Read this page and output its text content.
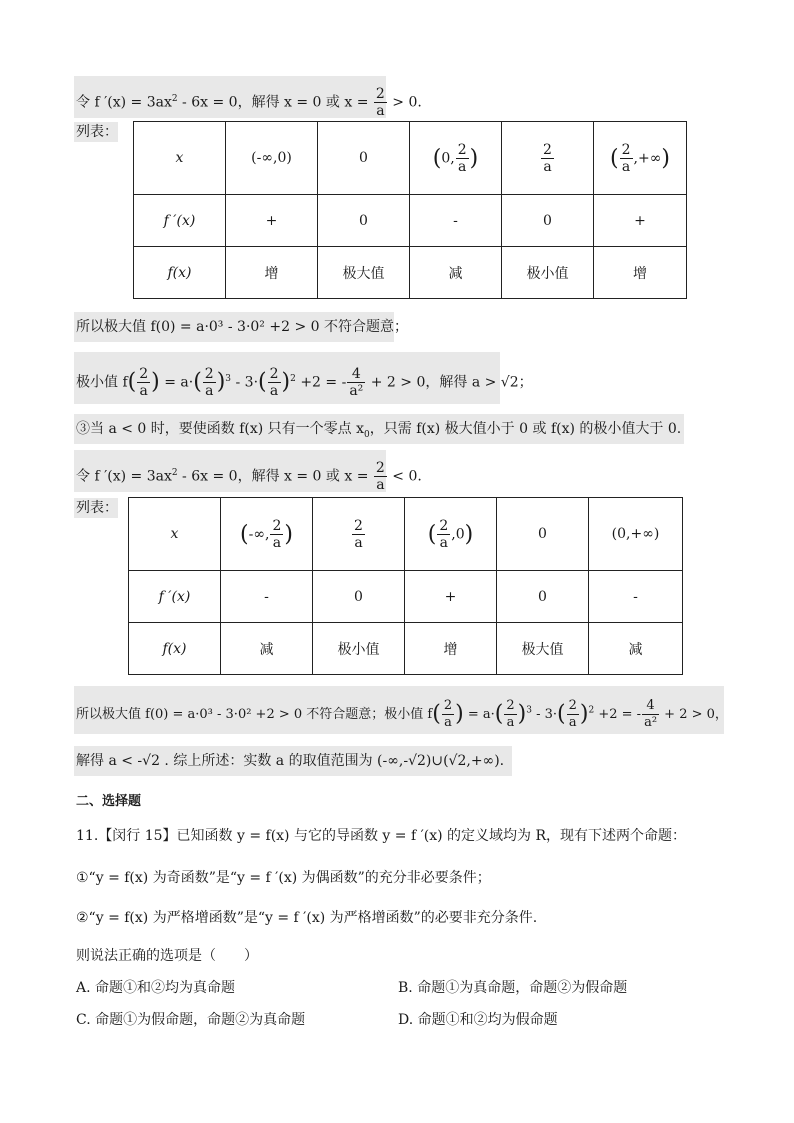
令 f $'(x) = 3ax^2 - 6x = 0$，解得 x = 0 或 $x = \frac{2}{a} > 0$.
列表：
x	(-∞,0)	0	(0, $\frac{2}{a}$ )	$\frac{2}{a}$	( $\frac{2}{a}$ ,+∞)
f ′(x)	+	0	-	0	+
f(x)	增	极大值	减	极小值	增
所以极大值 f(0) = a·0³ - 3·0² +2 > 0 不符合题意；
极小值 $f( \frac{2}{a}$ ) = $a\cdot( \frac{2}{a} )^3 - 3\cdot( \frac{2}{a} )^2 +2$ = - $\frac{4}{\text{a²}} + 2 > 0$，解得 a > √2；
③当 a < 0 时，要使函数 f(x) 只有一个零点 $x_0$，只需 f(x) 极大值小于 0 或 f(x) 的极小值大于 0.
令 f $'(x) = 3ax^2 - 6x = 0$，解得 x = 0 或 $x = \frac{2}{a} < 0$.
列表：
x	(-∞, $\frac{2}{a}$ )	$\frac{2}{a}$	( $\frac{2}{a} ,0$)	0	(0,+∞)
f ′(x)	-	0	+	0	-
f(x)	减	极小值	增	极大值	减
所以极大值 f(0) = a·0³ - 3·0² +2 > 0 不符合题意；极小值 $f( \frac{2}{a}$ ) = $a\cdot( \frac{2}{a} )^3 - 3\cdot( \frac{2}{a} )^2 +2$ = - $\frac{4}{\text{a²}} + 2 > 0$，
解得 a < -√2 . 综上所述：实数 a 的取值范围为 (-∞,-√2)∪(√2,+∞).
二、选择题
11.【闵行 15】已知函数 y = f(x) 与它的导函数 y = f ′(x) 的定义域均为 R，现有下述两个命题：
①“y = f(x) 为奇函数”是“y = f ′(x) 为偶函数”的充分非必要条件；
②“y = f(x) 为严格增函数”是“y = f ′(x) 为严格增函数”的必要非充分条件.
则说法正确的选项是（　　）
A. 命题①和②均为真命题	B. 命题①为真命题，命题②为假命题
C. 命题①为假命题，命题②为真命题	D. 命题①和②均为假命题
